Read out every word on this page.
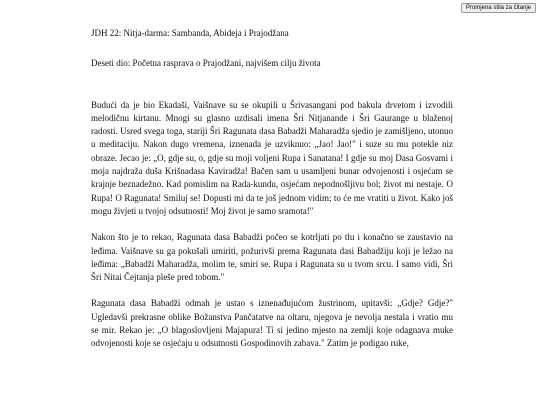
Promjena stila za čitanje
JDH 22: Nitja-darma: Sambanda, Abideja i Prajodžana
Deseti dio: Početna rasprava o Prajodžani, najvišem cilju života

Budući da je bio Ekadaši, Vaišnave su se okupili u Šrivasangani pod bakula drvetom i izvodili melodičnu kirtanu. Mnogi su glasno uzdisali imena Šri Nitjanande i Šri Gaurange u blaženoj radosti. Usred svega toga, stariji Šri Ragunata dasa Babadži Maharadža sjedio je zamišljeno, utonuo u meditaciju. Nakon dugo vremena, iznenada je uzviknuo: „Jao! Jao!" i suze su mu potekle niz obraze. Jecao je: „O, gdje su, o, gdje su moji voljeni Rupa i Sanatana! I gdje su moj Dasa Gosvami i moja najdraža duša Krišnadasa Kaviradža! Bačen sam u usamljeni bunar odvojenosti i osjećam se krajnje beznadežno. Kad pomislim na Rada-kundu, osjećam nepodnošljivu bol; život mi nestaje. O Rupa! O Ragunata! Smiluj se! Dopusti mi da te još jednom vidim; to će me vratiti u život. Kako još mogu živjeti u tvojoj odsutnosti! Moj život je samo sramota!"

Nakon što je to rekao, Ragunata dasa Babadži počeo se kotrljati po tlu i konačno se zaustavio na leđima. Vaišnave su ga pokušali umiriti, požurivši prema Ragunata dasi Babadžiju koji je ležao na leđima: „Babadži Maharadža, molim te, smiri se. Rupa i Ragunata su u tvom srcu. I samo vidi, Šri Šri Nitai Čejtanja pleše pred tobom."

Ragunata dasa Babadži odmah je ustao s iznenađujućom žustrinom, upitavši: „Gdje? Gdje?" Ugledavši prekrasne oblike Božanstva Pančatatve na oltaru, njegova je nevolja nestala i vratio mu se mir. Rekao je: „O blagoslovljeni Majapura! Ti si jedino mjesto na zemlji koje odagnava muke odvojenosti koje se osjećaju u odsutnosti Gospodinovih zabava." Zatim je podigao ruke,
